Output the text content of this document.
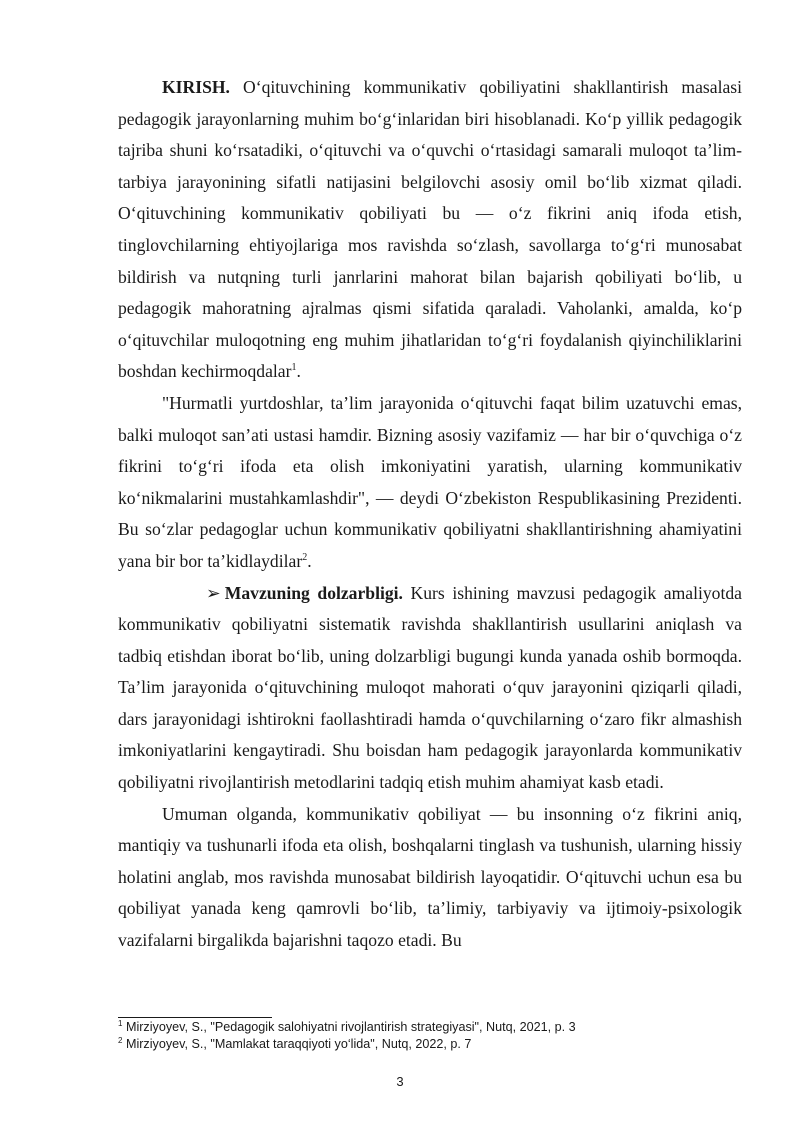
KIRISH. O‘qituvchining kommunikativ qobiliyatini shakllantirish masalasi pedagogik jarayonlarning muhim bo‘g‘inlaridan biri hisoblanadi. Ko‘p yillik pedagogik tajriba shuni ko‘rsatadiki, o‘qituvchi va o‘quvchi o‘rtasidagi samarali muloqot ta’lim-tarbiya jarayonining sifatli natijasini belgilovchi asosiy omil bo‘lib xizmat qiladi. O‘qituvchining kommunikativ qobiliyati bu — o‘z fikrini aniq ifoda etish, tinglovchilarning ehtiyojlariga mos ravishda so‘zlash, savollarga to‘g‘ri munosabat bildirish va nutqning turli janrlarini mahorat bilan bajarish qobiliyati bo‘lib, u pedagogik mahoratning ajralmas qismi sifatida qaraladi. Vaholanki, amalda, ko‘p o‘qituvchilar muloqotning eng muhim jihatlaridan to‘g‘ri foydalanish qiyinchiliklarini boshdan kechirmoqdalar$^1$.

"Hurmatli yurtdoshlar, ta’lim jarayonida o‘qituvchi faqat bilim uzatuvchi emas, balki muloqot san’ati ustasi hamdir. Bizning asosiy vazifamiz — har bir o‘quvchiga o‘z fikrini to‘g‘ri ifoda eta olish imkoniyatini yaratish, ularning kommunikativ ko‘nikmalarini mustahkamlashdir", — deydi O‘zbekiston Respublikasining Prezidenti. Bu so‘zlar pedagoglar uchun kommunikativ qobiliyatni shakllantirishning ahamiyatini yana bir bor ta’kidlaydilar$^2$.

➢ Mavzuning dolzarbligi. Kurs ishining mavzusi pedagogik amaliyotda kommunikativ qobiliyatni sistematik ravishda shakllantirish usullarini aniqlash va tadbiq etishdan iborat bo‘lib, uning dolzarbligi bugungi kunda yanada oshib bormoqda. Ta’lim jarayonida o‘qituvchining muloqot mahorati o‘quv jarayonini qiziqarli qiladi, dars jarayonidagi ishtirokni faollashtiradi hamda o‘quvchilarning o‘zaro fikr almashish imkoniyatlarini kengaytiradi. Shu boisdan ham pedagogik jarayonlarda kommunikativ qobiliyatni rivojlantirish metodlarini tadqiq etish muhim ahamiyat kasb etadi.

Umuman olganda, kommunikativ qobiliyat — bu insonning o‘z fikrini aniq, mantiqiy va tushunarli ifoda eta olish, boshqalarni tinglash va tushunish, ularning hissiy holatini anglab, mos ravishda munosabat bildirish layoqatidir. O‘qituvchi uchun esa bu qobiliyat yanada keng qamrovli bo‘lib, ta’limiy, tarbiyaviy va ijtimoiy-psixologik vazifalarni birgalikda bajarishni taqozo etadi. Bu

$^1$ Mirziyoyev, S., "Pedagogik salohiyatni rivojlantirish strategiyasi", Nutq, 2021, p. 3

$^2$ Mirziyoyev, S., "Mamlakat taraqqiyoti yo‘lida", Nutq, 2022, p. 7

3
